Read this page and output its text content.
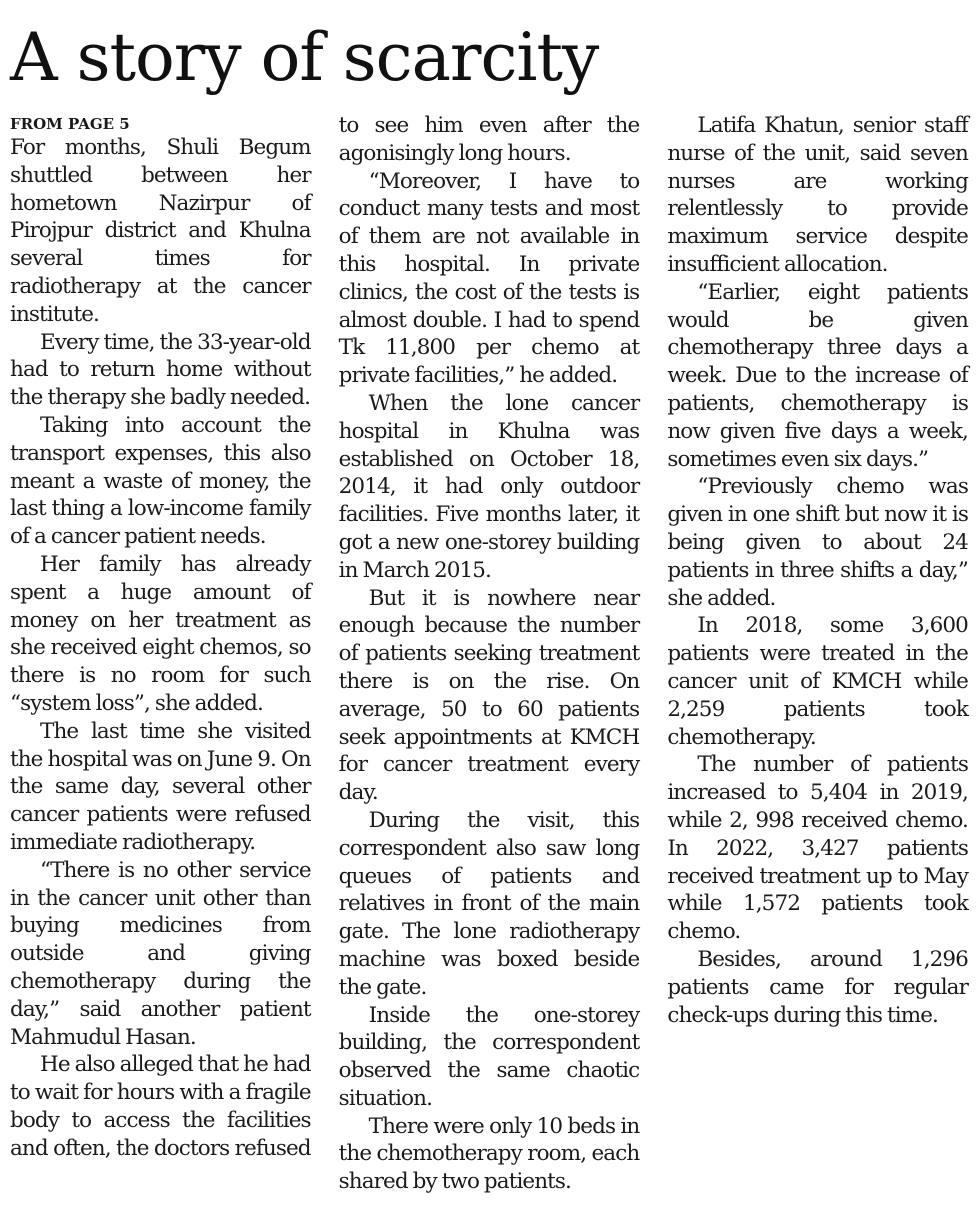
A story of scarcity

FROM PAGE 5

For months, Shuli Begum shuttled between her hometown Nazirpur of Pirojpur district and Khulna several times for radiotherapy at the cancer institute.

Every time, the 33-year-old had to return home without the therapy she badly needed.

Taking into account the transport expenses, this also meant a waste of money, the last thing a low-income family of a cancer patient needs.

Her family has already spent a huge amount of money on her treatment as she received eight chemos, so there is no room for such “system loss”, she added.

The last time she visited the hospital was on June 9. On the same day, several other cancer patients were refused immediate radiotherapy.

“There is no other service in the cancer unit other than buying medicines from outside and giving chemotherapy during the day,” said another patient Mahmudul Hasan.

He also alleged that he had to wait for hours with a fragile body to access the facilities and often, the doctors refused to see him even after the agonisingly long hours.

“Moreover, I have to conduct many tests and most of them are not available in this hospital. In private clinics, the cost of the tests is almost double. I had to spend Tk 11,800 per chemo at private facilities,” he added.

When the lone cancer hospital in Khulna was established on October 18, 2014, it had only outdoor facilities. Five months later, it got a new one-storey building in March 2015.

But it is nowhere near enough because the number of patients seeking treatment there is on the rise. On average, 50 to 60 patients seek appointments at KMCH for cancer treatment every day.

During the visit, this correspondent also saw long queues of patients and relatives in front of the main gate. The lone radiotherapy machine was boxed beside the gate.

Inside the one-storey building, the correspondent observed the same chaotic situation.

There were only 10 beds in the chemotherapy room, each shared by two patients.

Latifa Khatun, senior staff nurse of the unit, said seven nurses are working relentlessly to provide maximum service despite insufficient allocation.

“Earlier, eight patients would be given chemotherapy three days a week. Due to the increase of patients, chemotherapy is now given five days a week, sometimes even six days.”

“Previously chemo was given in one shift but now it is being given to about 24 patients in three shifts a day,” she added.

In 2018, some 3,600 patients were treated in the cancer unit of KMCH while 2,259 patients took chemotherapy.

The number of patients increased to 5,404 in 2019, while 2, 998 received chemo. In 2022, 3,427 patients received treatment up to May while 1,572 patients took chemo.

Besides, around 1,296 patients came for regular check-ups during this time.
